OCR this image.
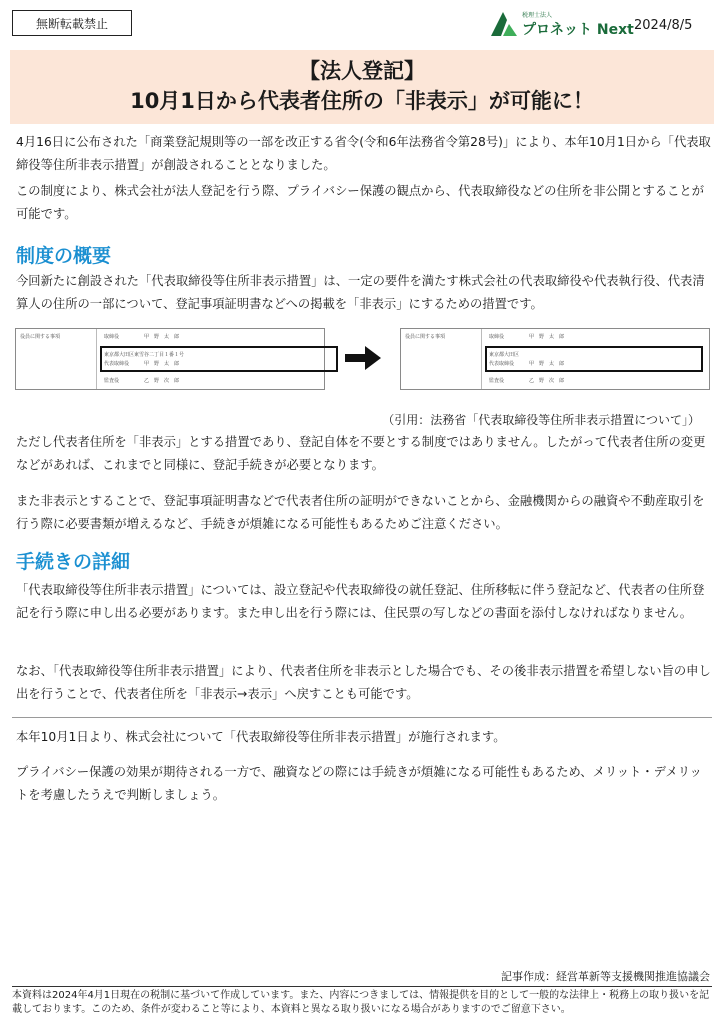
無断転載禁止
税理士法人
プロネット Next 2024/8/5
【法人登記】
10月1日から代表者住所の「非表示」が可能に！
4月16日に公布された「商業登記規則等の一部を改正する省令(令和6年法務省令第28号)」により、本年10月1日から「代表取締役等住所非表示措置」が創設されることとなりました。
この制度により、株式会社が法人登記を行う際、プライバシー保護の観点から、代表取締役などの住所を非公開とすることが可能です。
制度の概要
今回新たに創設された「代表取締役等住所非表示措置」は、一定の要件を満たす株式会社の代表取締役や代表執行役、代表清算人の住所の一部について、登記事項証明書などへの掲載を「非表示」にするための措置です。
役員に関する事項	取締役　　　　　甲　野　太　郎
東京都大田区東雪谷二丁目１番１号
代表取締役　　　甲　野　太　郎
監査役　　　　　乙　野　次　郎
役員に関する事項	取締役　　　　　甲　野　太　郎
東京都大田区
代表取締役　　　甲　野　太　郎
監査役　　　　　乙　野　次　郎
（引用：法務省「代表取締役等住所非表示措置について」）
ただし代表者住所を「非表示」とする措置であり、登記自体を不要とする制度ではありません。したがって代表者住所の変更などがあれば、これまでと同様に、登記手続きが必要となります。
また非表示とすることで、登記事項証明書などで代表者住所の証明ができないことから、金融機関からの融資や不動産取引を行う際に必要書類が増えるなど、手続きが煩雑になる可能性もあるためご注意ください。
手続きの詳細
「代表取締役等住所非表示措置」については、設立登記や代表取締役の就任登記、住所移転に伴う登記など、代表者の住所登記を行う際に申し出る必要があります。また申し出を行う際には、住民票の写しなどの書面を添付しなければなりません。
なお、「代表取締役等住所非表示措置」により、代表者住所を非表示とした場合でも、その後非表示措置を希望しない旨の申し出を行うことで、代表者住所を「非表示→表示」へ戻すことも可能です。
本年10月1日より、株式会社について「代表取締役等住所非表示措置」が施行されます。
プライバシー保護の効果が期待される一方で、融資などの際には手続きが煩雑になる可能性もあるため、メリット・デメリットを考慮したうえで判断しましょう。
記事作成：経営革新等支援機関推進協議会
本資料は2024年4月1日現在の税制に基づいて作成しています。また、内容につきましては、情報提供を目的として一般的な法律上・税務上の取り扱いを記載しております。このため、条件が変わること等により、本資料と異なる取り扱いになる場合がありますのでご留意下さい。
